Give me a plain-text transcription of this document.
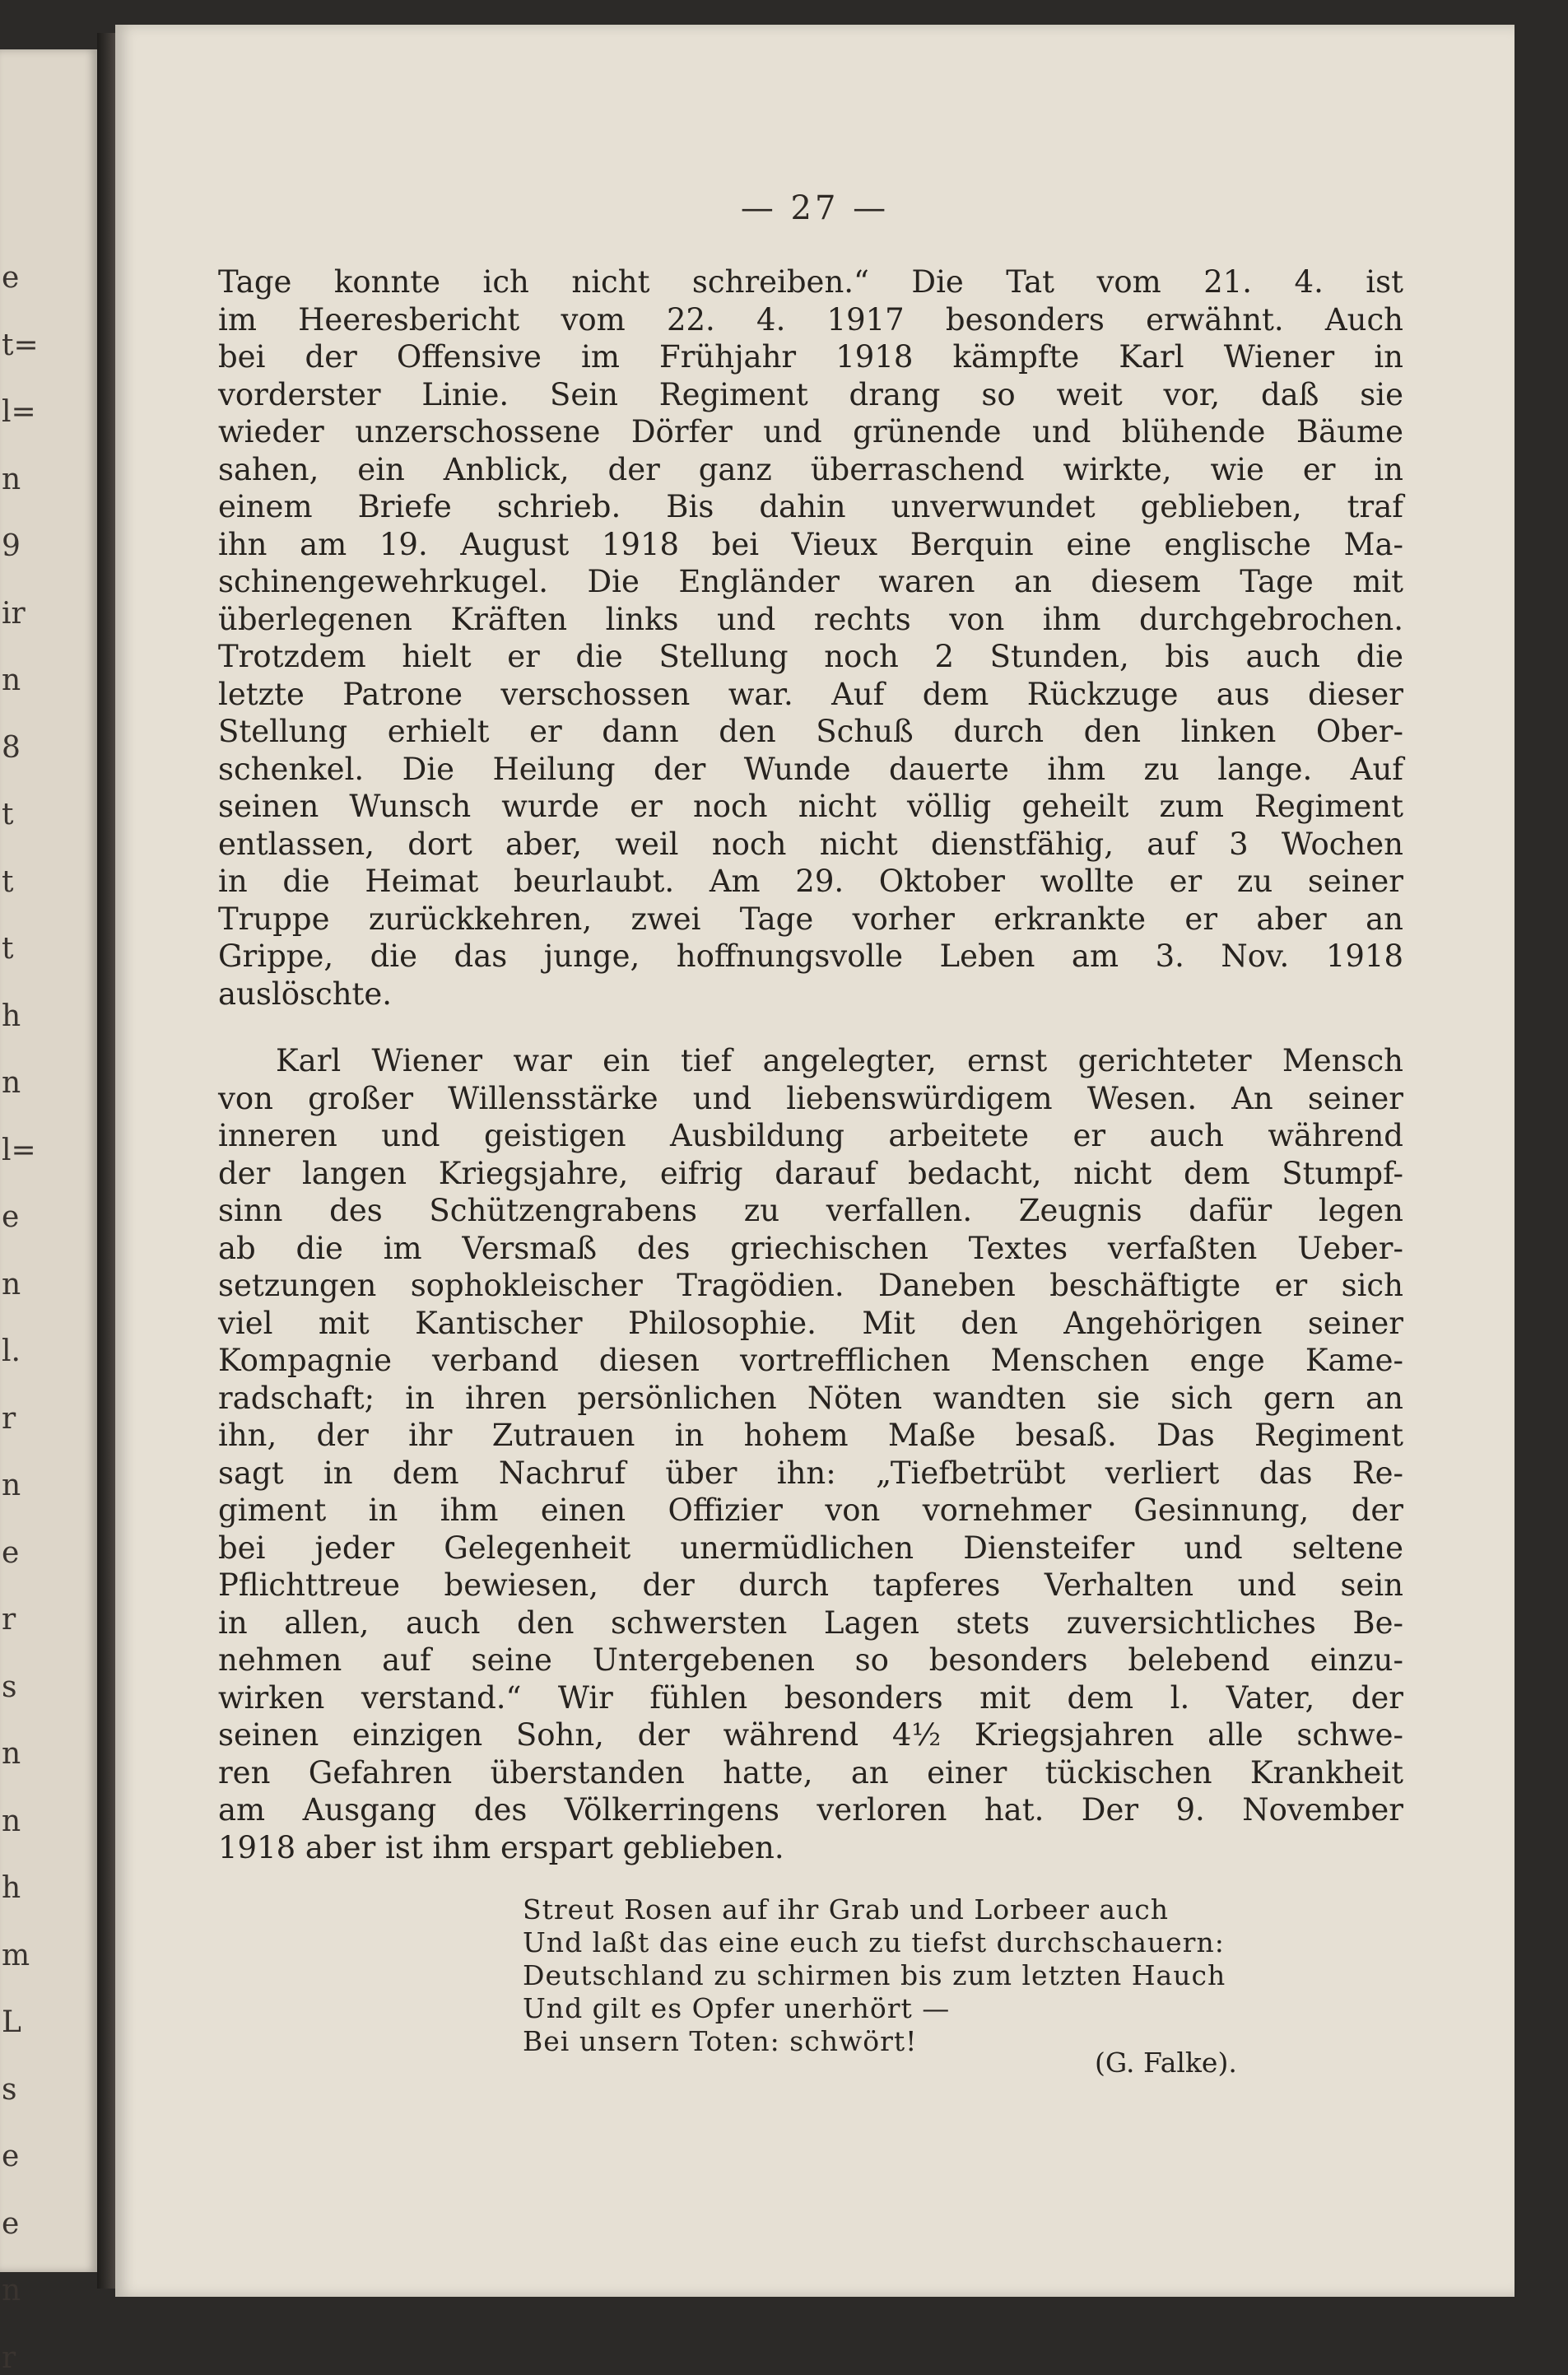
e
t=
l=
n
9
ir
n
8
t
t
t
h
n
l=
e
n
l.
r
n
e
r
s
n
n
h
m
L
s
e
e
n
r
— 27 —
Tage konnte ich nicht schreiben.“ Die Tat vom 21. 4. ist
im Heeresbericht vom 22. 4. 1917 besonders erwähnt. Auch
bei der Offensive im Frühjahr 1918 kämpfte Karl Wiener in
vorderster Linie. Sein Regiment drang so weit vor, daß sie
wieder unzerschossene Dörfer und grünende und blühende Bäume
sahen, ein Anblick, der ganz überraschend wirkte, wie er in
einem Briefe schrieb. Bis dahin unverwundet geblieben, traf
ihn am 19. August 1918 bei Vieux Berquin eine englische Ma-
schinengewehrkugel. Die Engländer waren an diesem Tage mit
überlegenen Kräften links und rechts von ihm durchgebrochen.
Trotzdem hielt er die Stellung noch 2 Stunden, bis auch die
letzte Patrone verschossen war. Auf dem Rückzuge aus dieser
Stellung erhielt er dann den Schuß durch den linken Ober-
schenkel. Die Heilung der Wunde dauerte ihm zu lange. Auf
seinen Wunsch wurde er noch nicht völlig geheilt zum Regiment
entlassen, dort aber, weil noch nicht dienstfähig, auf 3 Wochen
in die Heimat beurlaubt. Am 29. Oktober wollte er zu seiner
Truppe zurückkehren, zwei Tage vorher erkrankte er aber an
Grippe, die das junge, hoffnungsvolle Leben am 3. Nov. 1918
auslöschte.
Karl Wiener war ein tief angelegter, ernst gerichteter Mensch
von großer Willensstärke und liebenswürdigem Wesen. An seiner
inneren und geistigen Ausbildung arbeitete er auch während
der langen Kriegsjahre, eifrig darauf bedacht, nicht dem Stumpf-
sinn des Schützengrabens zu verfallen. Zeugnis dafür legen
ab die im Versmaß des griechischen Textes verfaßten Ueber-
setzungen sophokleischer Tragödien. Daneben beschäftigte er sich
viel mit Kantischer Philosophie. Mit den Angehörigen seiner
Kompagnie verband diesen vortrefflichen Menschen enge Kame-
radschaft; in ihren persönlichen Nöten wandten sie sich gern an
ihn, der ihr Zutrauen in hohem Maße besaß. Das Regiment
sagt in dem Nachruf über ihn: „Tiefbetrübt verliert das Re-
giment in ihm einen Offizier von vornehmer Gesinnung, der
bei jeder Gelegenheit unermüdlichen Diensteifer und seltene
Pflichttreue bewiesen, der durch tapferes Verhalten und sein
in allen, auch den schwersten Lagen stets zuversichtliches Be-
nehmen auf seine Untergebenen so besonders belebend einzu-
wirken verstand.“ Wir fühlen besonders mit dem l. Vater, der
seinen einzigen Sohn, der während 4½ Kriegsjahren alle schwe-
ren Gefahren überstanden hatte, an einer tückischen Krankheit
am Ausgang des Völkerringens verloren hat. Der 9. November
1918 aber ist ihm erspart geblieben.
Streut Rosen auf ihr Grab und Lorbeer auch
Und laßt das eine euch zu tiefst durchschauern:
Deutschland zu schirmen bis zum letzten Hauch
Und gilt es Opfer unerhört —
Bei unsern Toten: schwört!
(G. Falke).
